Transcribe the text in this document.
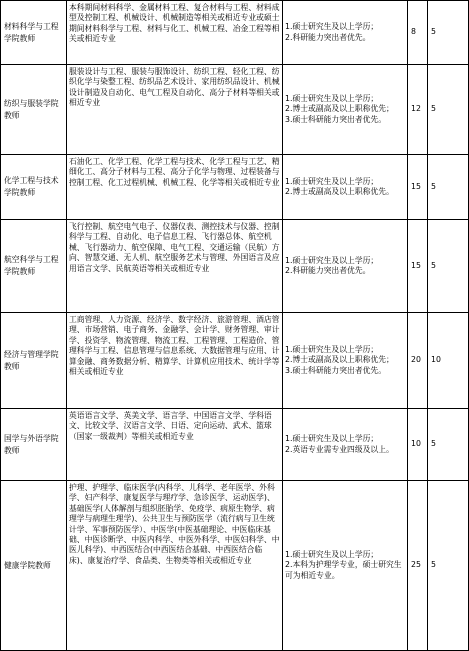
材料科学与工程学院教师	本科期间材料科学、金属材料工程、复合材料与工程、材料成型及控制工程、机械设计、机械制造等相关或相近专业或硕士期间材料科学与工程、材料与化工、机械工程、冶金工程等相关或相近专业	1.硕士研究生及以上学历；
2.科研能力突出者优先。	8	5
纺织与服装学院教师	服装设计与工程、服装与服饰设计、纺织工程、轻化工程、纺织化学与染整工程、纺织品艺术设计、家用纺织品设计、机械设计制造及自动化、电气工程及自动化、高分子材料等相关或相近专业	1.硕士研究生及以上学历；
2.博士或副高及以上职称优先；
3.硕士科研能力突出者优先。	12	5
化学工程与技术学院教师	石油化工、化学工程、化学工程与技术、化学工程与工艺、精细化工、高分子材料与工程、高分子化学与物理、过程装备与控制工程、化工过程机械、机械工程、化学等相关或相近专业	1.硕士研究生及以上学历；
2.博士或副高及以上职称优先。	15	5
航空科学与工程学院教师	飞行控制、航空电气电子、仪器仪表、测控技术与仪器、控制科学与工程、自动化、电子信息工程、飞行器总体、航空机械、飞行器动力、航空保障、电气工程、交通运输（民航）方向、智慧交通、无人机、航空服务艺术与管理、外国语言及应用语言文学、民航英语等相关或相近专业	1.硕士研究生及以上学历；
2.科研能力突出者优先。	15	5
经济与管理学院教师	工商管理、人力资源、经济学、数字经济、旅游管理、酒店管理、市场营销、电子商务、金融学、会计学、财务管理、审计学、投资学、物流管理、物流工程、工程管理、工程造价、管理科学与工程、信息管理与信息系统、大数据管理与应用、计算金融、商务数据分析、精算学、计算机应用技术、统计学等相关或相近专业	1.硕士研究生及以上学历；
2.博士或副高及以上职称优先；
3.硕士科研能力突出者优先。	20	10
国学与外语学院教师	英语语言文学、英美文学、语言学、中国语言文学、学科语文、比较文学、汉语言文学、日语、定向运动、武术、篮球（国家一级裁判）等相关或相近专业	1.硕士研究生及以上学历；
2.英语专业需专业四级及以上。	10	5
健康学院教师	护理、护理学、临床医学(内科学、儿科学、老年医学、外科学、妇产科学、康复医学与理疗学、急诊医学、运动医学)、基础医学(人体解剖与组织胚胎学、免疫学、病原生物学、病理学与病理生理学)、公共卫生与预防医学（流行病与卫生统计学、军事预防医学）、中医学(中医基础理论、中医临床基础、中医诊断学、中医内科学、中医外科学、中医妇科学、中医儿科学)、中西医结合(中西医结合基础、中西医结合临床)、康复治疗学、食品类、生物类等相关或相近专业	1.硕士研究生及以上学历；
2.本科为护理学专业，硕士研究生可为相近专业。	25	5
